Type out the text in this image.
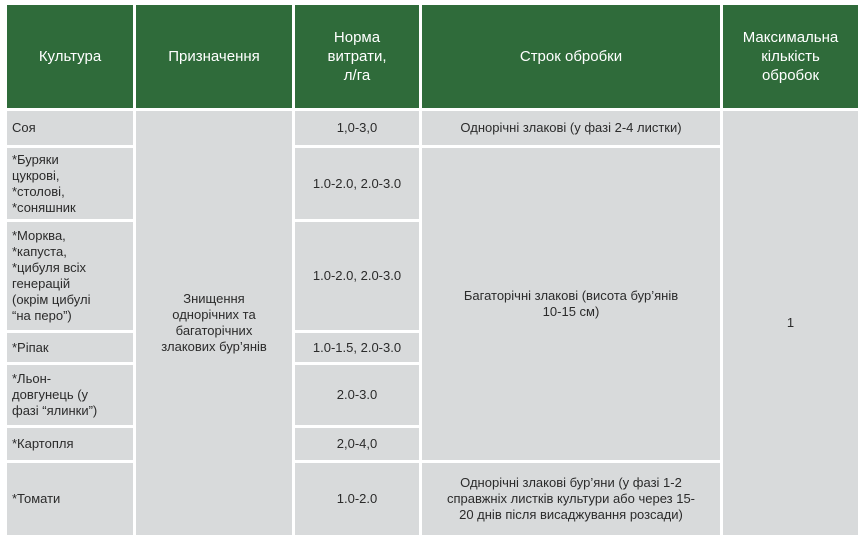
Культура	Призначення
Норма
витрати,
л/га
Строк обробки
Максимальна
кількість
обробок
Соя
*Буряки
цукрові,
*столові,
*соняшник
*Морква,
*капуста,
*цибуля всіх
генерацій
(окрім цибулі
“на перо”)
*Ріпак
*Льон-
довгунець (у
фазі “ялинки”)
*Картопля
*Томати
Знищення
однорічних та
багаторічних
злакових бур’янів
1,0-3,0
1.0-2.0, 2.0-3.0
1.0-2.0, 2.0-3.0
1.0-1.5, 2.0-3.0
2.0-3.0
2,0-4,0
1.0-2.0
Однорічні злакові (у фазі 2-4 листки)
Багаторічні злакові (висота бур’янів
10-15 см)
Однорічні злакові бур’яни (у фазі 1-2
справжніх листків культури або через 15-
20 днів після висаджування розсади)
1
